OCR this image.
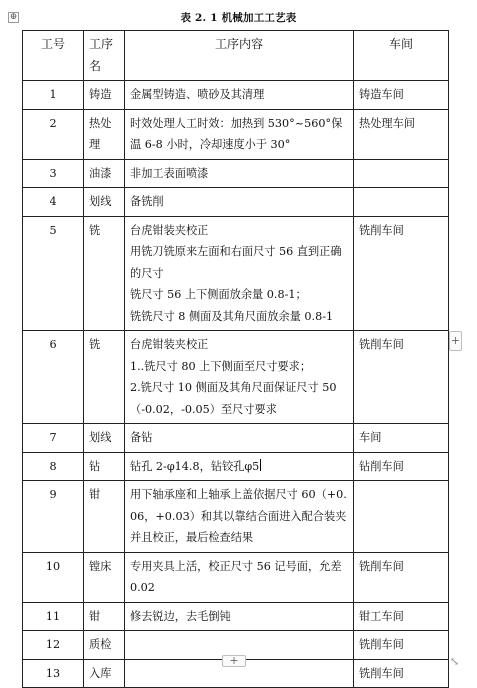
⊕	表 2. 1 机械加工工艺表
工号	工序名	工序内容	车间
1	铸造	金属型铸造、喷砂及其清理	铸造车间
2	热处理	时效处理人工时效：加热到 530°~560°保温 6-8 小时，冷却速度小于 30°	热处理车间
3	油漆	非加工表面喷漆	

4	划线	备铣削	

5	铣	台虎钳装夹校正
用铣刀铣原来左面和右面尺寸 56 直到正确的尺寸
铣尺寸 56 上下侧面放余量 0.8-1；
铣铣尺寸 8 侧面及其角尺面放余量 0.8-1	铣削车间
6	铣	台虎钳装夹校正
1..铣尺寸 80 上下侧面至尺寸要求；
2.铣尺寸 10 侧面及其角尺面保证尺寸 50（-0.02，-0.05）至尺寸要求	铣削车间
7	划线	备钻	车间
8	钻	钻孔 2-φ14.8，钻铰孔φ5	钻削车间
9	钳	用下轴承座和上轴承上盖依据尺寸 60（+0.06，+0.03）和其以靠结合面进入配合装夹并且校正，最后检查结果	

10	镗床	专用夹具上活，校正尺寸 56 记号面，允差 0.02	铣削车间
11	钳	修去锐边，去毛倒钝	钳工车间
12	质检		铣削车间
13	入库		铣削车间
+
+	⤡
